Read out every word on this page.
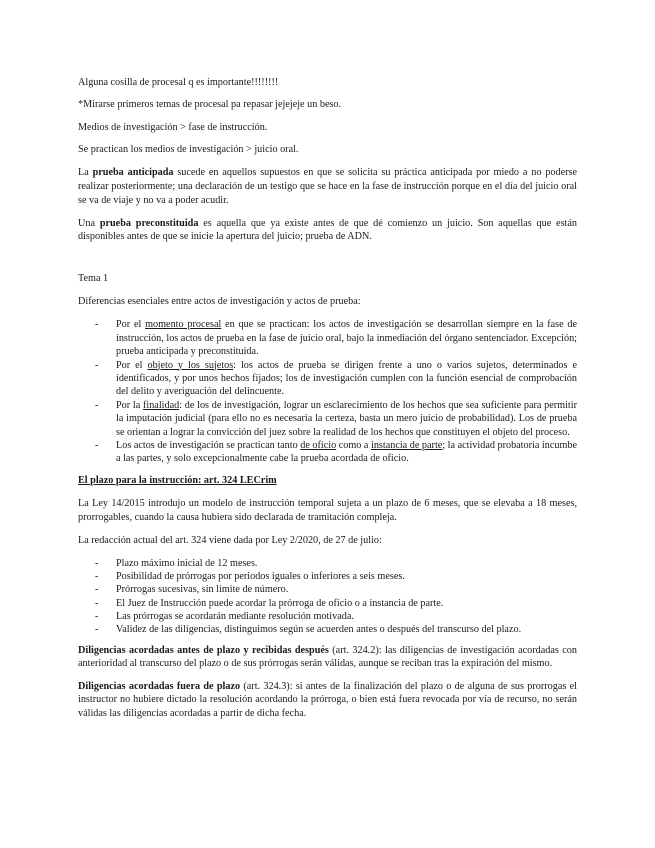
Alguna cosilla de procesal q es importante!!!!!!!!

*Mirarse primeros temas de procesal pa repasar jejejeje un beso.

Medios de investigación > fase de instrucción.

Se practican los medios de investigación > juicio oral.

La prueba anticipada sucede en aquellos supuestos en que se solicita su práctica anticipada por miedo a no poderse realizar posteriormente; una declaración de un testigo que se hace en la fase de instrucción porque en el día del juicio oral se va de viaje y no va a poder acudir.

Una prueba preconstituida es aquella que ya existe antes de que dé comienzo un juicio. Son aquellas que están disponibles antes de que se inicie la apertura del juicio; prueba de ADN.

Tema 1

Diferencias esenciales entre actos de investigación y actos de prueba:

- Por el momento procesal en que se practican: los actos de investigación se desarrollan siempre en la fase de instrucción, los actos de prueba en la fase de juicio oral, bajo la inmediación del órgano sentenciador. Excepción; prueba anticipada y preconstituida.
- Por el objeto y los sujetos: los actos de prueba se dirigen frente a uno o varios sujetos, determinados e identificados, y por unos hechos fijados; los de investigación cumplen con la función esencial de comprobación del delito y averiguación del delincuente.
- Por la finalidad: de los de investigación, lograr un esclarecimiento de los hechos que sea suficiente para permitir la imputación judicial (para ello no es necesaria la certeza, basta un mero juicio de probabilidad). Los de prueba se orientan a lograr la convicción del juez sobre la realidad de los hechos que constituyen el objeto del proceso.
- Los actos de investigación se practican tanto de oficio como a instancia de parte; la actividad probatoria incumbe a las partes, y solo excepcionalmente cabe la prueba acordada de oficio.

El plazo para la instrucción: art. 324 LECrim

La Ley 14/2015 introdujo un modelo de instrucción temporal sujeta a un plazo de 6 meses, que se elevaba a 18 meses, prorrogables, cuando la causa hubiera sido declarada de tramitación compleja.

La redacción actual del art. 324 viene dada por Ley 2/2020, de 27 de julio:

- Plazo máximo inicial de 12 meses.
- Posibilidad de prórrogas por periodos iguales o inferiores a seis meses.
- Prórrogas sucesivas, sin límite de número.
- El Juez de Instrucción puede acordar la prórroga de oficio o a instancia de parte.
- Las prórrogas se acordarán mediante resolución motivada.
- Validez de las diligencias, distinguimos según se acuerden antes o después del transcurso del plazo.

Diligencias acordadas antes de plazo y recibidas después (art. 324.2): las diligencias de investigación acordadas con anterioridad al transcurso del plazo o de sus prórrogas serán válidas, aunque se reciban tras la expiración del mismo.

Diligencias acordadas fuera de plazo (art. 324.3): si antes de la finalización del plazo o de alguna de sus prorrogas el instructor no hubiere dictado la resolución acordando la prórroga, o bien está fuera revocada por vía de recurso, no serán válidas las diligencias acordadas a partir de dicha fecha.
